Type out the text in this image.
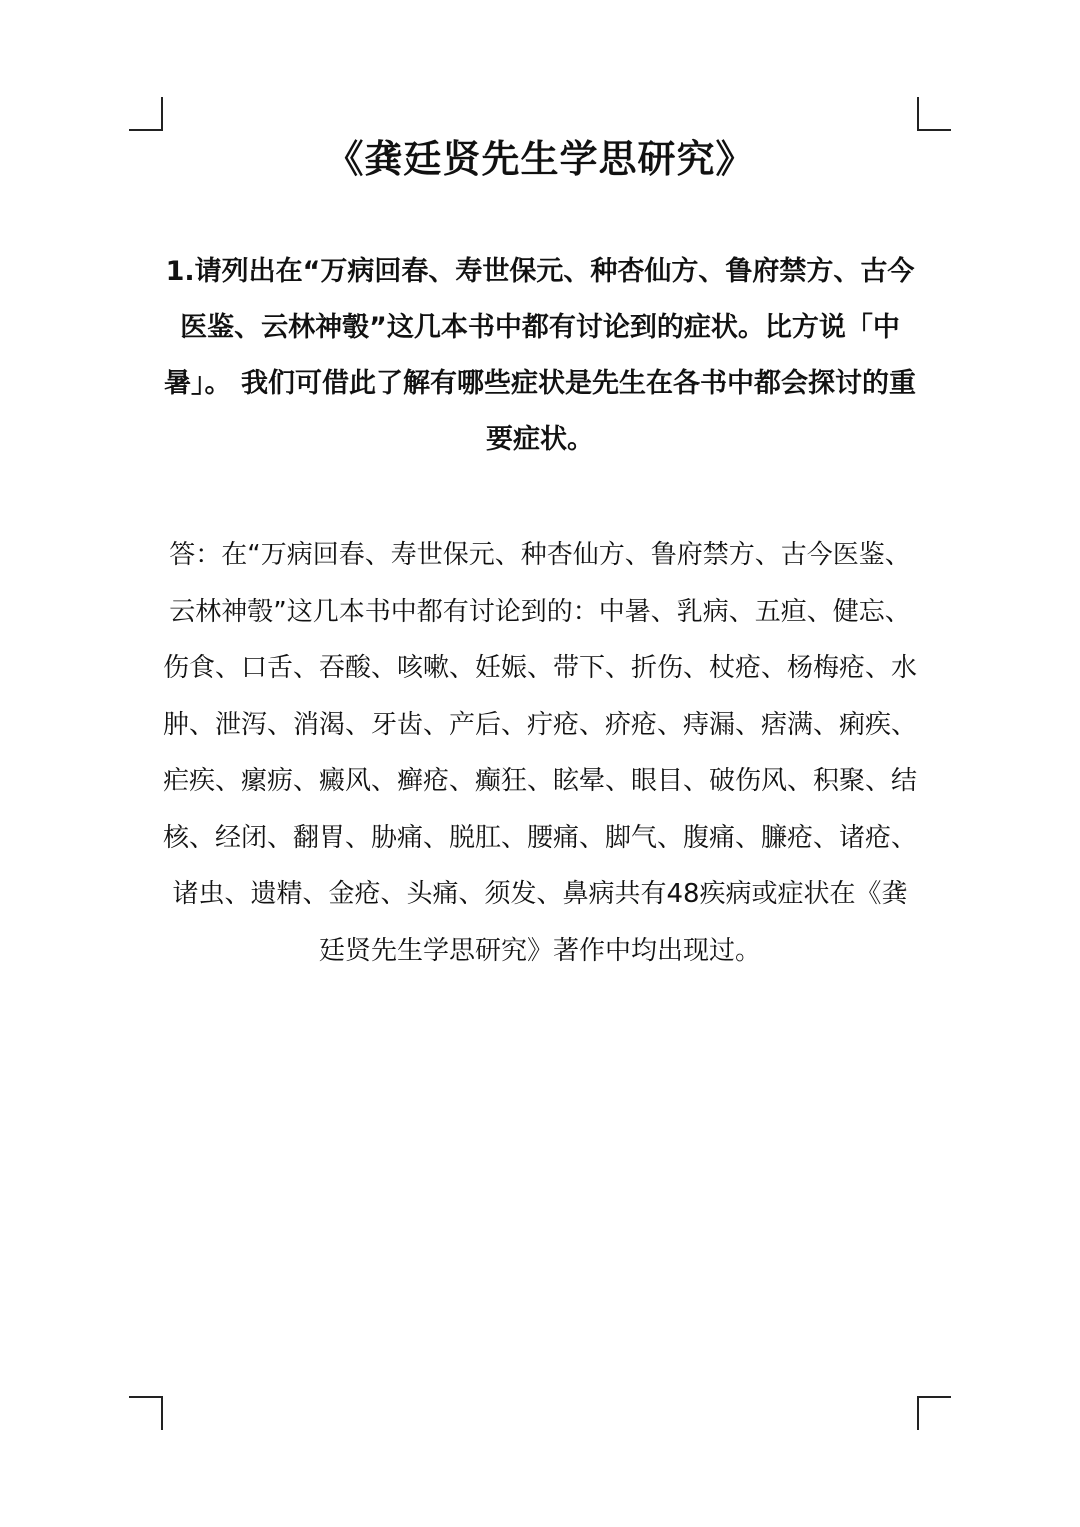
《龚廷贤先生学思研究》

1.请列出在“万病回春、寿世保元、种杏仙方、鲁府禁方、古今医鉴、云林神彀”这几本书中都有讨论到的症状。比方说「中暑」。 我们可借此了解有哪些症状是先生在各书中都会探讨的重要症状。

答：在“万病回春、寿世保元、种杏仙方、鲁府禁方、古今医鉴、云林神彀”这几本书中都有讨论到的：中暑、乳病、五疸、健忘、伤食、口舌、吞酸、咳嗽、妊娠、带下、折伤、杖疮、杨梅疮、水肿、泄泻、消渴、牙齿、产后、疔疮、疥疮、痔漏、痞满、痢疾、疟疾、瘰疬、癜风、癣疮、癫狂、眩晕、眼目、破伤风、积聚、结核、经闭、翻胃、胁痛、脱肛、腰痛、脚气、腹痛、臁疮、诸疮、诸虫、遗精、金疮、头痛、须发、鼻病共有48疾病或症状在《龚廷贤先生学思研究》著作中均出现过。
